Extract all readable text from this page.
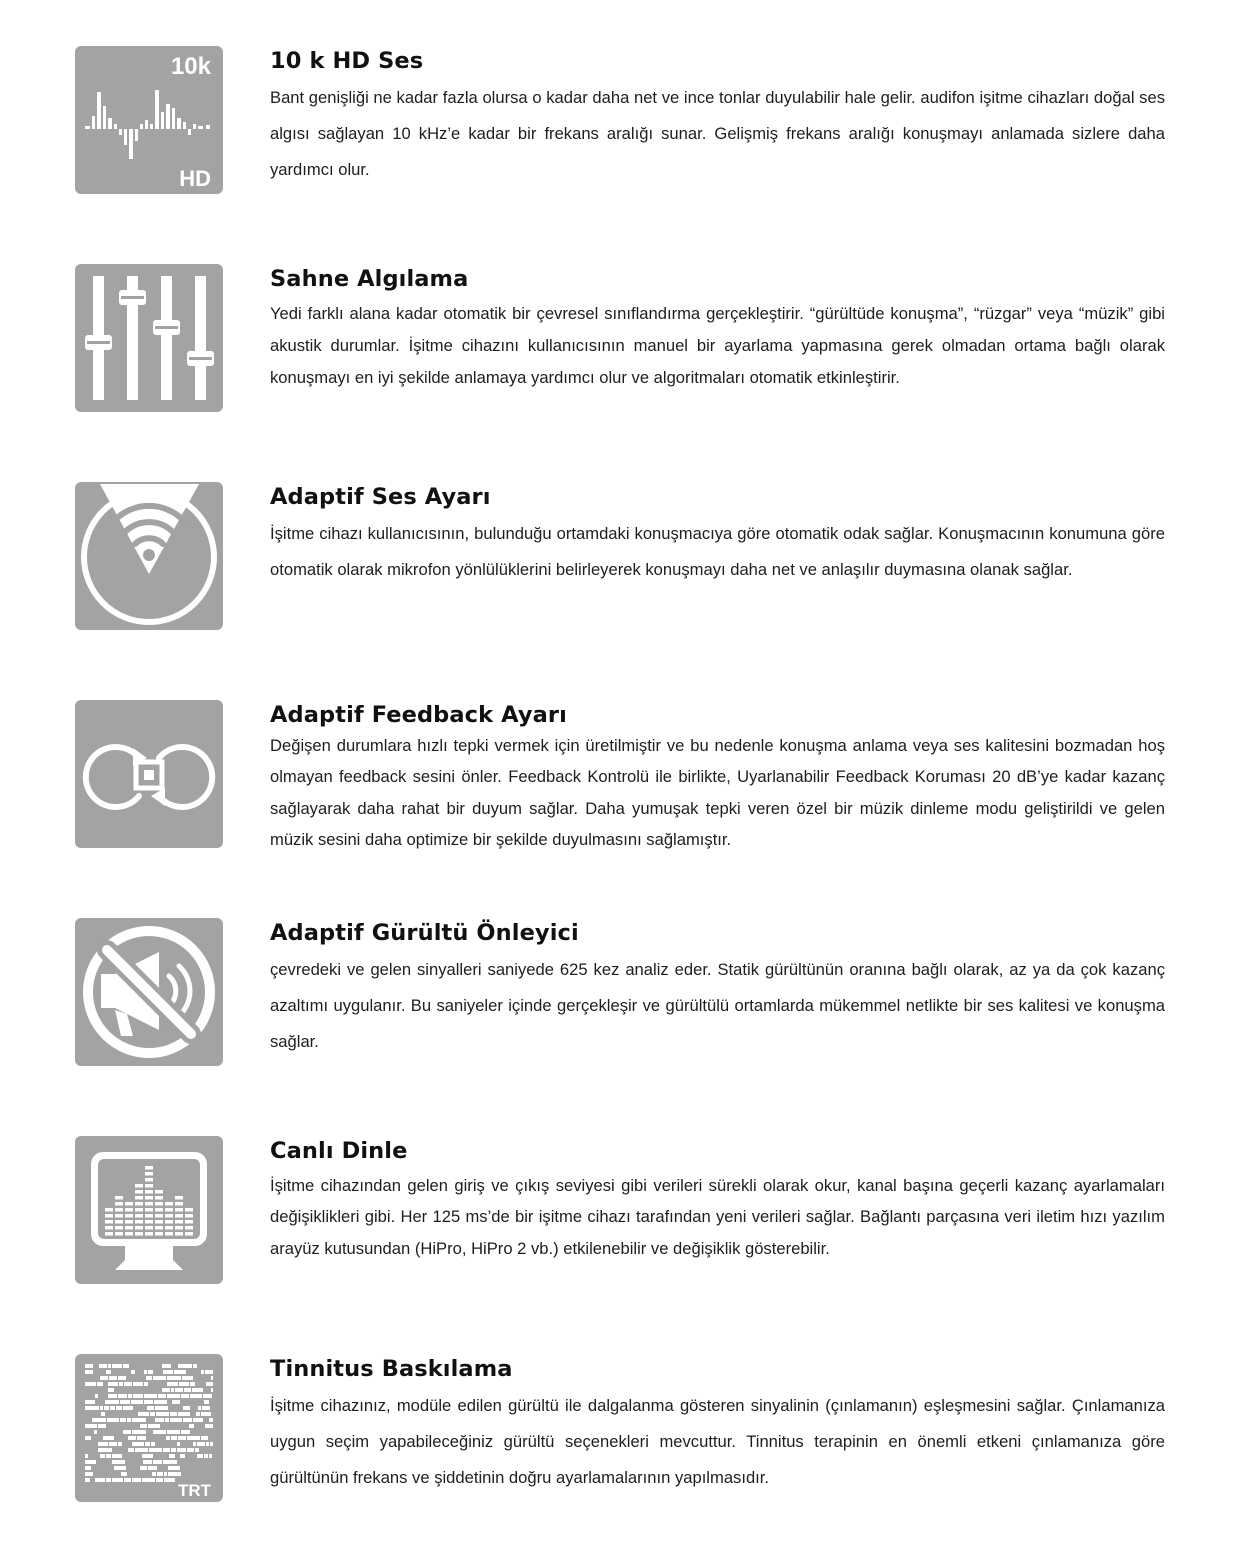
10k
HD
10 k HD Ses

Bant genişliği ne kadar fazla olursa o kadar daha net ve ince tonlar duyulabilir hale gelir. audifon işitme cihazları doğal ses algısı sağlayan 10 kHz’e kadar bir frekans aralığı sunar. Gelişmiş frekans aralığı konuşmayı anlamada sizlere daha yardımcı olur.

Sahne Algılama

Yedi farklı alana kadar otomatik bir çevresel sınıflandırma gerçekleştirir. “gürültüde konuşma”, “rüzgar” veya “müzik” gibi akustik durumlar. İşitme cihazını kullanıcısının manuel bir ayarlama yapmasına gerek olmadan ortama bağlı olarak konuşmayı en iyi şekilde anlamaya yardımcı olur ve algoritmaları otomatik etkinleştirir.

Adaptif Ses Ayarı

İşitme cihazı kullanıcısının, bulunduğu ortamdaki konuşmacıya göre otomatik odak sağlar. Konuşmacının konumuna göre otomatik olarak mikrofon yönlülüklerini belirleyerek konuşmayı daha net ve anlaşılır duymasına olanak sağlar.

Adaptif Feedback Ayarı

Değişen durumlara hızlı tepki vermek için üretilmiştir ve bu nedenle konuşma anlama veya ses kalitesini bozmadan hoş olmayan feedback sesini önler. Feedback Kontrolü ile birlikte, Uyarlanabilir Feedback Koruması 20 dB’ye kadar kazanç sağlayarak daha rahat bir duyum sağlar. Daha yumuşak tepki veren özel bir müzik dinleme modu geliştirildi ve gelen müzik sesini daha optimize bir şekilde duyulmasını sağlamıştır.

Adaptif Gürültü Önleyici

çevredeki ve gelen sinyalleri saniyede 625 kez analiz eder. Statik gürültünün oranına bağlı olarak, az ya da çok kazanç azaltımı uygulanır. Bu saniyeler içinde gerçekleşir ve gürültülü ortamlarda mükemmel netlikte bir ses kalitesi ve konuşma sağlar.

Canlı Dinle

İşitme cihazından gelen giriş ve çıkış seviyesi gibi verileri sürekli olarak okur, kanal başına geçerli kazanç ayarlamaları değişiklikleri gibi. Her 125 ms’de bir işitme cihazı tarafından yeni verileri sağlar. Bağlantı parçasına veri iletim hızı yazılım arayüz kutusundan (HiPro, HiPro 2 vb.) etkilenebilir ve değişiklik gösterebilir.

TRT
Tinnitus Baskılama

İşitme cihazınız, modüle edilen gürültü ile dalgalanma gösteren sinyalinin (çınlamanın) eşleşmesini sağlar. Çınlamanıza uygun seçim yapabileceğiniz gürültü seçenekleri mevcuttur. Tinnitus terapinin en önemli etkeni çınlamanıza göre gürültünün frekans ve şiddetinin doğru ayarlamalarının yapılmasıdır.
